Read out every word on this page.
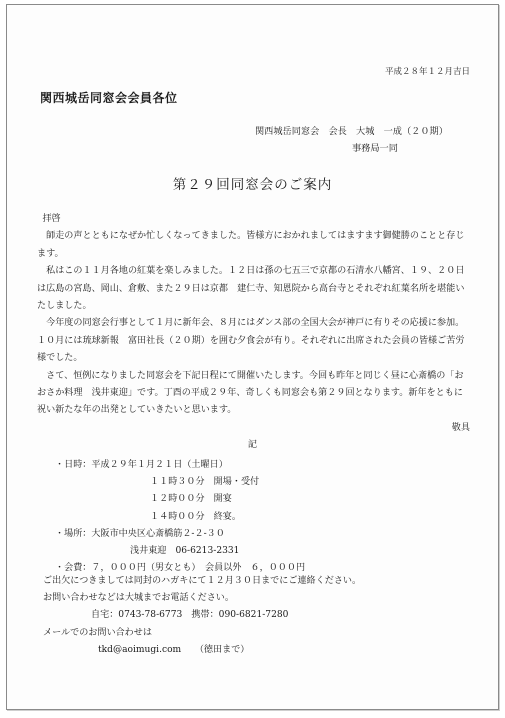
平成２８年１２月吉日
関西城岳同窓会会員各位
関西城岳同窓会　会長　大城　一成（２０期）
事務局一同
第２９回同窓会のご案内

拝啓

師走の声とともになぜか忙しくなってきました。皆様方におかれましてはますます御健勝のことと存じます。

私はこの１１月各地の紅葉を楽しみました。１２日は孫の七五三で京都の石清水八幡宮、１９、２０日は広島の宮島、岡山、倉敷、また２９日は京都　建仁寺、知恩院から高台寺とそれぞれ紅葉名所を堪能いたしました。

今年度の同窓会行事として１月に新年会、８月にはダンス部の全国大会が神戸に有りその応援に参加。１０月には琉球新報　富田社長（２０期）を囲む夕食会が有り。それぞれに出席された会員の皆様ご苦労様でした。

さて、恒例になりました同窓会を下記日程にて開催いたします。今回も昨年と同じく昼に心斎橋の「おおさか料理　浅井東迎」です。丁酉の平成２９年、奇しくも同窓会も第２９回となります。新年をともに祝い新たな年の出発としていきたいと思います。

敬具
記
・日時：平成２９年１月２１日（土曜日）
１１時３０分　開場・受付
１２時００分　開宴
１４時００分　終宴。
・場所：大阪市中央区心斎橋筋２-２-３０
浅井東迎　06-6213-2331
・会費：７，０００円（男女とも）　会員以外　６，０００円
ご出欠につきましては同封のハガキにて１２月３０日までにご連絡ください。
お問い合わせなどは大城までお電話ください。
自宅：0743-78-6773　携帯：090-6821-7280
メールでのお問い合わせは
tkd@aoimugi.com　　（徳田まで）
